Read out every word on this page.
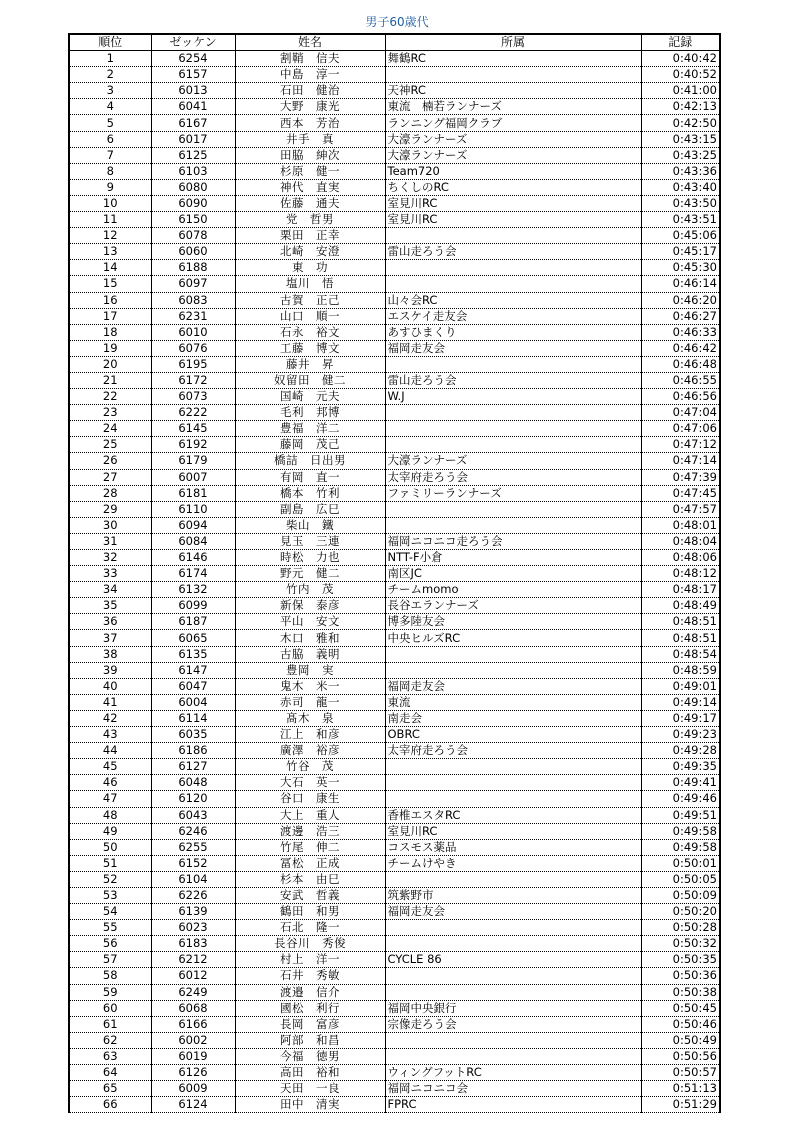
男子60歳代
順位	ゼッケン	姓名	所属	記録
1	6254	割鞘　信夫	舞鶴RC	0:40:42
2	6157	中島　淳一		0:40:52
3	6013	石田　健治	天神RC	0:41:00
4	6041	大野　康光	東流　楠若ランナーズ	0:42:13
5	6167	西本　芳治	ランニング福岡クラブ	0:42:50
6	6017	井手　真	大濠ランナーズ	0:43:15
7	6125	田脇　紳次	大濠ランナーズ	0:43:25
8	6103	杉原　健一	Team720	0:43:36
9	6080	神代　直実	ちくしのRC	0:43:40
10	6090	佐藤　通夫	室見川RC	0:43:50
11	6150	党　哲男	室見川RC	0:43:51
12	6078	栗田　正幸		0:45:06
13	6060	北崎　安澄	雷山走ろう会	0:45:17
14	6188	東　功		0:45:30
15	6097	塩川　悟		0:46:14
16	6083	古賀　正己	山々会RC	0:46:20
17	6231	山口　順一	エスケイ走友会	0:46:27
18	6010	石永　裕文	あすひまくり	0:46:33
19	6076	工藤　博文	福岡走友会	0:46:42
20	6195	藤井　昇		0:46:48
21	6172	奴留田　健二	雷山走ろう会	0:46:55
22	6073	国崎　元夫	W.J	0:46:56
23	6222	毛利　邦博		0:47:04
24	6145	豊福　洋二		0:47:06
25	6192	藤岡　茂己		0:47:12
26	6179	橋詰　日出男	大濠ランナーズ	0:47:14
27	6007	有岡　直一	太宰府走ろう会	0:47:39
28	6181	橋本　竹利	ファミリーランナーズ	0:47:45
29	6110	副島　広巳		0:47:57
30	6094	柴山　鐵		0:48:01
31	6084	見玉　三連	福岡ニコニコ走ろう会	0:48:04
32	6146	時松　力也	NTT-F小倉	0:48:06
33	6174	野元　健二	南区JC	0:48:12
34	6132	竹内　茂	チームmomo	0:48:17
35	6099	新保　泰彦	長谷エランナーズ	0:48:49
36	6187	平山　安文	博多陸友会	0:48:51
37	6065	木口　雅和	中央ヒルズRC	0:48:51
38	6135	古脇　義明		0:48:54
39	6147	豊岡　実		0:48:59
40	6047	鬼木　米一	福岡走友会	0:49:01
41	6004	赤司　龍一	東流	0:49:14
42	6114	髙木　泉	南走会	0:49:17
43	6035	江上　和彦	OBRC	0:49:23
44	6186	廣澤　裕彦	太宰府走ろう会	0:49:28
45	6127	竹谷　茂		0:49:35
46	6048	大石　英一		0:49:41
47	6120	谷口　康生		0:49:46
48	6043	大上　重人	香椎エスタRC	0:49:51
49	6246	渡邊　浩三	室見川RC	0:49:58
50	6255	竹尾　伸二	コスモス薬品	0:49:58
51	6152	冨松　正成	チームけやき	0:50:01
52	6104	杉本　由巳		0:50:05
53	6226	安武　哲義	筑紫野市	0:50:09
54	6139	鶴田　和男	福岡走友会	0:50:20
55	6023	石北　隆一		0:50:28
56	6183	長谷川　秀俊		0:50:32
57	6212	村上　洋一	CYCLE 86	0:50:35
58	6012	石井　秀敏		0:50:36
59	6249	渡邉　信介		0:50:38
60	6068	國松　利行	福岡中央銀行	0:50:45
61	6166	長岡　富彦	宗像走ろう会	0:50:46
62	6002	阿部　和昌		0:50:49
63	6019	今福　徳男		0:50:56
64	6126	高田　裕和	ウィングフットRC	0:50:57
65	6009	天田　一良	福岡ニコニコ会	0:51:13
66	6124	田中　清実	FPRC	0:51:29
